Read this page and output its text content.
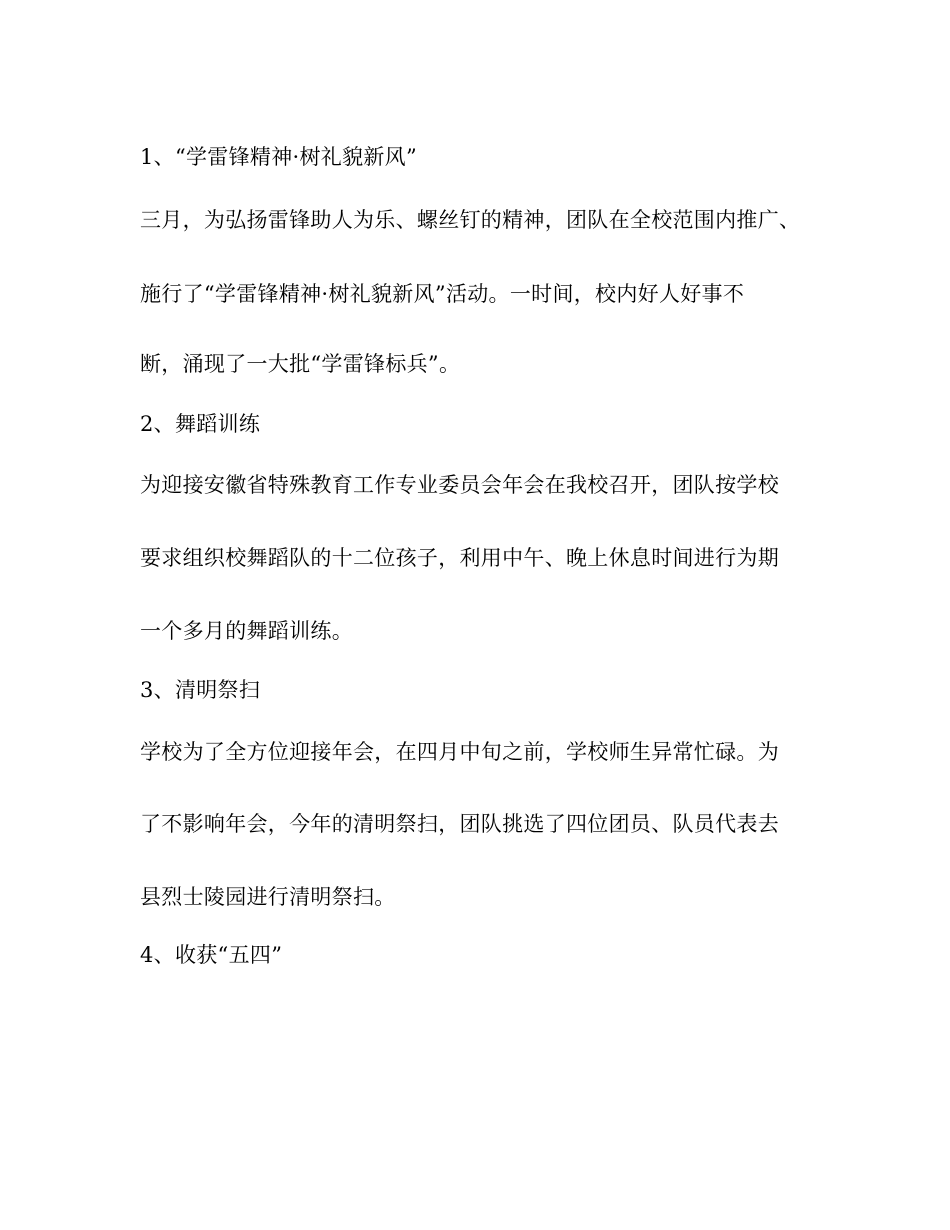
1、“学雷锋精神·树礼貌新风”
三月，为弘扬雷锋助人为乐、螺丝钉的精神，团队在全校范围内推广、
施行了“学雷锋精神·树礼貌新风”活动。一时间，校内好人好事不
断，涌现了一大批“学雷锋标兵”。
2、舞蹈训练
为迎接安徽省特殊教育工作专业委员会年会在我校召开，团队按学校
要求组织校舞蹈队的十二位孩子，利用中午、晚上休息时间进行为期
一个多月的舞蹈训练。
3、清明祭扫
学校为了全方位迎接年会，在四月中旬之前，学校师生异常忙碌。为
了不影响年会，今年的清明祭扫，团队挑选了四位团员、队员代表去
县烈士陵园进行清明祭扫。
4、收获“五四”
